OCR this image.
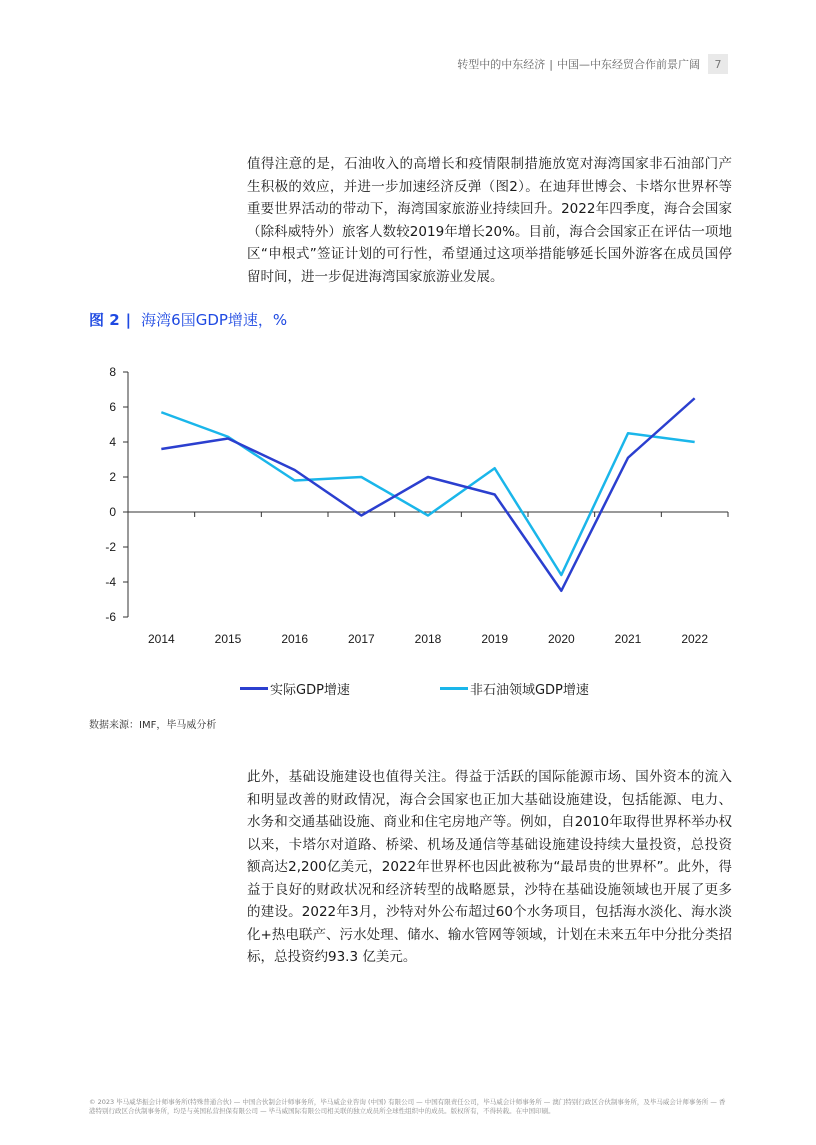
转型中的中东经济 | 中国—中东经贸合作前景广阔	7
值得注意的是，石油收入的高增长和疫情限制措施放宽对海湾国家非石油部门产生积极的效应，并进一步加速经济反弹（图2）。在迪拜世博会、卡塔尔世界杯等重要世界活动的带动下，海湾国家旅游业持续回升。2022年四季度，海合会国家（除科威特外）旅客人数较2019年增长20%。目前，海合会国家正在评估一项地区“申根式”签证计划的可行性，希望通过这项举措能够延长国外游客在成员国停留时间，进一步促进海湾国家旅游业发展。
图 2 | 海湾6国GDP增速，%
8
6
4
2
0
-2
-4
-6
2014	2015	2016	2017	2018	2019	2020	2021	2022
实际GDP增速	非石油领域GDP增速
数据来源：IMF，毕马威分析
此外，基础设施建设也值得关注。得益于活跃的国际能源市场、国外资本的流入和明显改善的财政情况，海合会国家也正加大基础设施建设，包括能源、电力、水务和交通基础设施、商业和住宅房地产等。例如，自2010年取得世界杯举办权以来，卡塔尔对道路、桥梁、机场及通信等基础设施建设持续大量投资，总投资额高达2,200亿美元，2022年世界杯也因此被称为“最昂贵的世界杯”。此外，得益于良好的财政状况和经济转型的战略愿景，沙特在基础设施领域也开展了更多的建设。2022年3月，沙特对外公布超过60个水务项目，包括海水淡化、海水淡化+热电联产、污水处理、储水、输水管网等领域，计划在未来五年中分批分类招标，总投资约93.3 亿美元。
© 2023 毕马威华振会计师事务所(特殊普通合伙) — 中国合伙制会计师事务所，毕马威企业咨询 (中国) 有限公司 — 中国有限责任公司，毕马威会计师事务所 — 澳门特别行政区合伙制事务所，及毕马威会计师事务所 — 香港特别行政区合伙制事务所，均是与英国私营担保有限公司 — 毕马威国际有限公司相关联的独立成员所全球性组织中的成员。版权所有，不得转载。在中国印刷。
